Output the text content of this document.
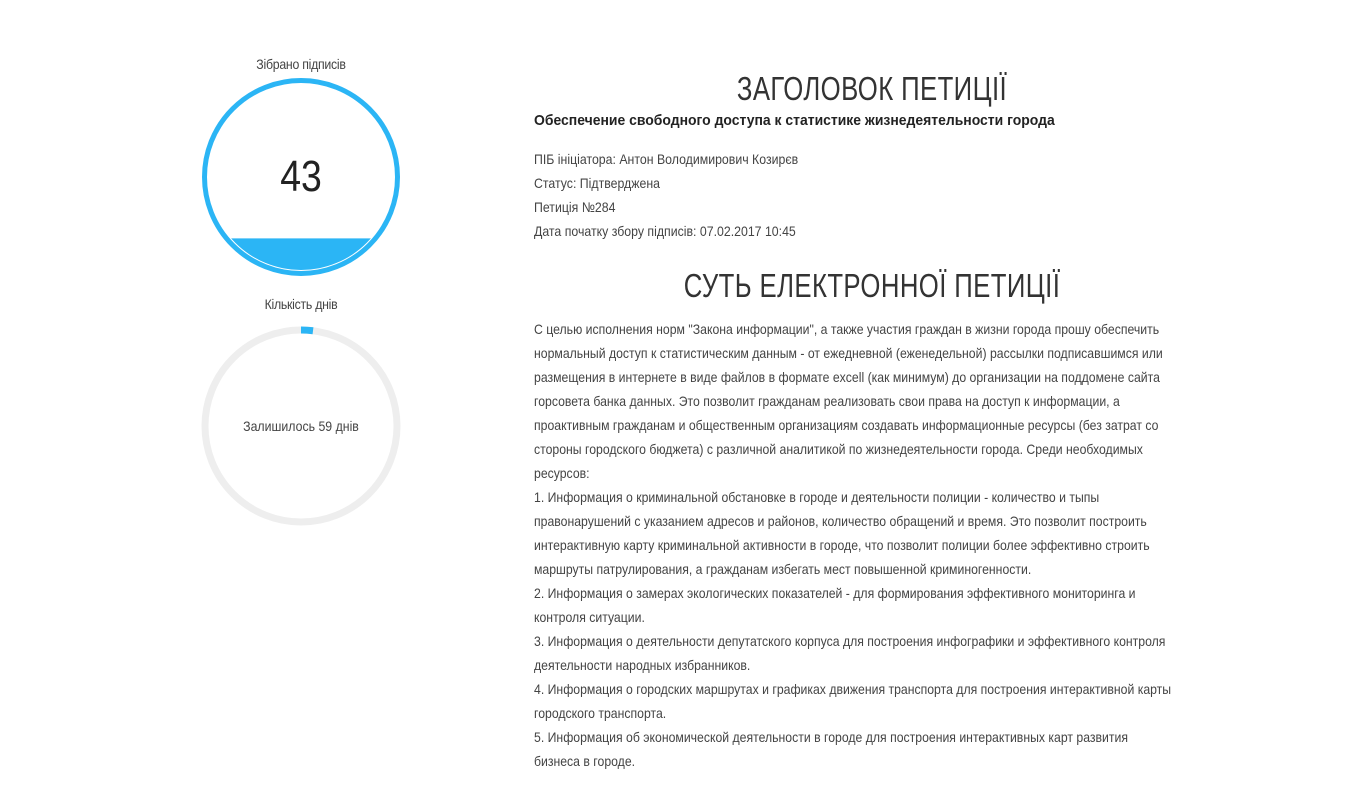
Зібрано підписів
43
Кількість днів
Залишилось 59 днів
ЗАГОЛОВОК ПЕТИЦІЇ
Обеспечение свободного доступа к статистике жизнедеятельности города
ПІБ ініціатора: Антон Володимирович Козирєв
Статус: Підтверджена
Петиція №284
Дата початку збору підписів: 07.02.2017 10:45
СУТЬ ЕЛЕКТРОННОЇ ПЕТИЦІЇ
С целью исполнения норм "Закона информации", а также участия граждан в жизни города прошу обеспечить
нормальный доступ к статистическим данным - от ежедневной (еженедельной) рассылки подписавшимся или
размещения в интернете в виде файлов в формате excell (как минимум) до организации на поддомене сайта
горсовета банка данных. Это позволит гражданам реализовать свои права на доступ к информации, а
проактивным гражданам и общественным организациям создавать информационные ресурсы (без затрат со
стороны городского бюджета) с различной аналитикой по жизнедеятельности города. Среди необходимых
ресурсов:
1. Информация о криминальной обстановке в городе и деятельности полиции - количество и тыпы
правонарушений с указанием адресов и районов, количество обращений и время. Это позволит построить
интерактивную карту криминальной активности в городе, что позволит полиции более эффективно строить
маршруты патрулирования, а гражданам избегать мест повышенной криминогенности.
2. Информация о замерах экологических показателей - для формирования эффективного мониторинга и
контроля ситуации.
3. Информация о деятельности депутатского корпуса для построения инфографики и эффективного контроля
деятельности народных избранников.
4. Информация о городских маршрутах и графиках движения транспорта для построения интерактивной карты
городского транспорта.
5. Информация об экономической деятельности в городе для построения интерактивных карт развития
бизнеса в городе.
